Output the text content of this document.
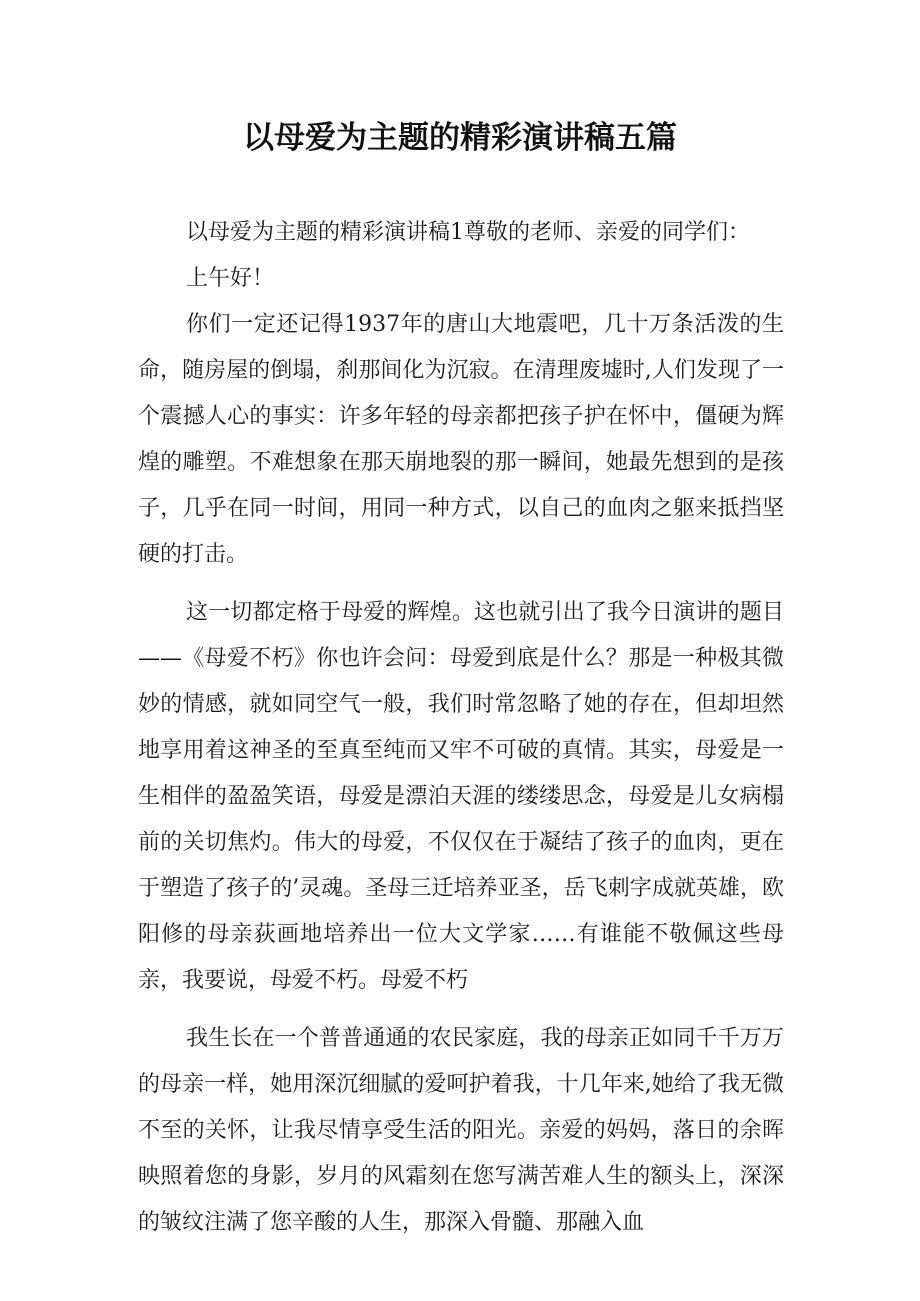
以母爱为主题的精彩演讲稿五篇

以母爱为主题的精彩演讲稿1尊敬的老师、亲爱的同学们：

上午好！

你们一定还记得1937年的唐山大地震吧，几十万条活泼的生命，随房屋的倒塌，刹那间化为沉寂。在清理废墟时,人们发现了一个震撼人心的事实：许多年轻的母亲都把孩子护在怀中，僵硬为辉煌的雕塑。不难想象在那天崩地裂的那一瞬间，她最先想到的是孩子，几乎在同一时间，用同一种方式，以自己的血肉之躯来抵挡坚硬的打击。

这一切都定格于母爱的辉煌。这也就引出了我今日演讲的题目——《母爱不朽》你也许会问：母爱到底是什么？那是一种极其微妙的情感，就如同空气一般，我们时常忽略了她的存在，但却坦然地享用着这神圣的至真至纯而又牢不可破的真情。其实，母爱是一生相伴的盈盈笑语，母爱是漂泊天涯的缕缕思念，母爱是儿女病榻前的关切焦灼。伟大的母爱，不仅仅在于凝结了孩子的血肉，更在于塑造了孩子的’灵魂。圣母三迁培养亚圣，岳飞刺字成就英雄，欧阳修的母亲荻画地培养出一位大文学家……有谁能不敬佩这些母亲，我要说，母爱不朽。母爱不朽

我生长在一个普普通通的农民家庭，我的母亲正如同千千万万的母亲一样，她用深沉细腻的爱呵护着我，十几年来,她给了我无微不至的关怀，让我尽情享受生活的阳光。亲爱的妈妈，落日的余晖映照着您的身影，岁月的风霜刻在您写满苦难人生的额头上，深深的皱纹注满了您辛酸的人生，那深入骨髓、那融入血
